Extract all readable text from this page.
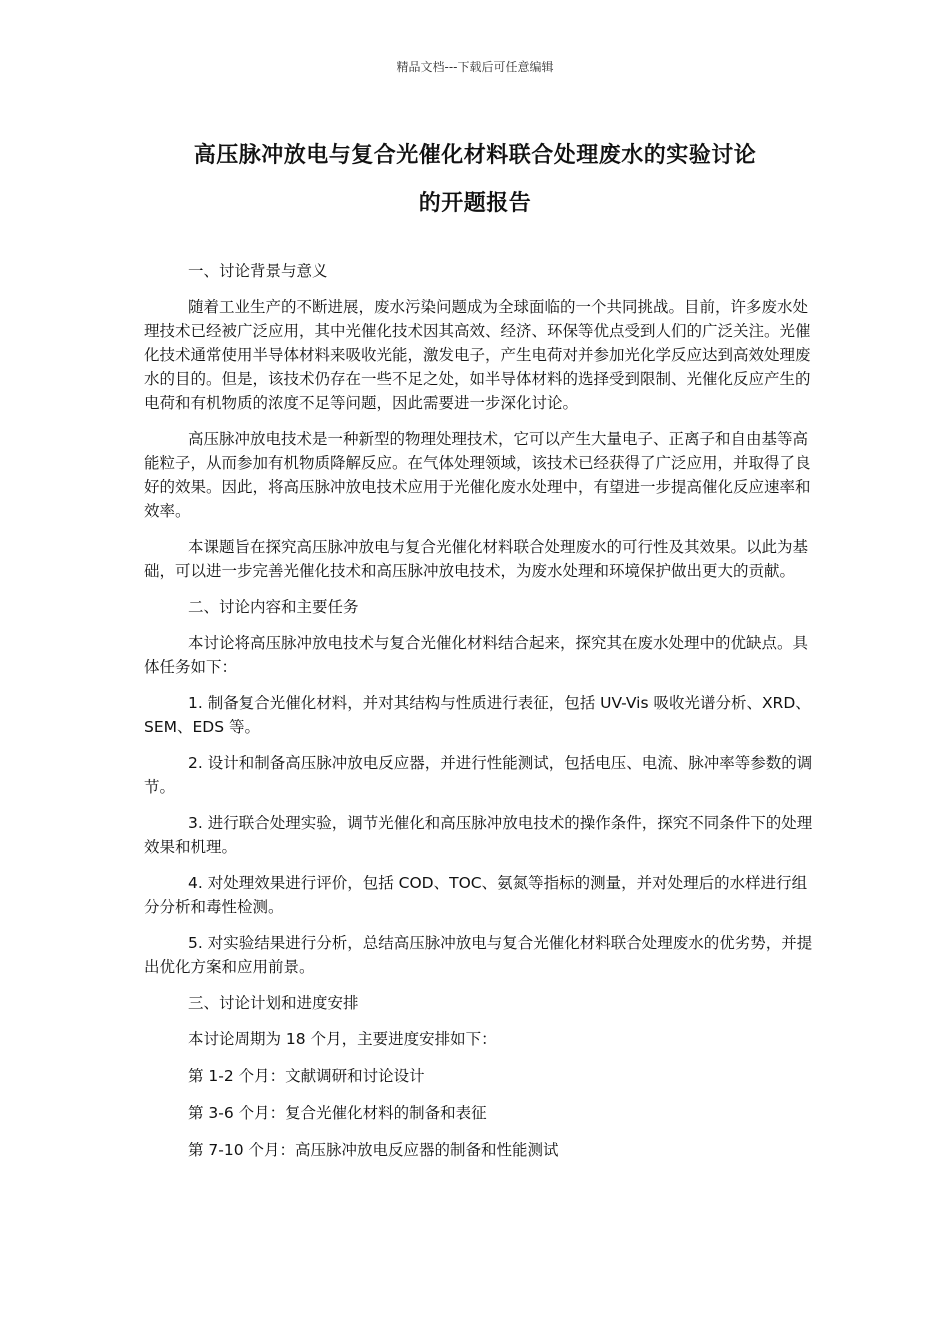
精品文档---下载后可任意编辑
高压脉冲放电与复合光催化材料联合处理废水的实验讨论
的开题报告

一、讨论背景与意义

随着工业生产的不断进展，废水污染问题成为全球面临的一个共同挑战。目前，许多废水处理技术已经被广泛应用，其中光催化技术因其高效、经济、环保等优点受到人们的广泛关注。光催化技术通常使用半导体材料来吸收光能，激发电子，产生电荷对并参加光化学反应达到高效处理废水的目的。但是，该技术仍存在一些不足之处，如半导体材料的选择受到限制、光催化反应产生的电荷和有机物质的浓度不足等问题，因此需要进一步深化讨论。

高压脉冲放电技术是一种新型的物理处理技术，它可以产生大量电子、正离子和自由基等高能粒子，从而参加有机物质降解反应。在气体处理领域，该技术已经获得了广泛应用，并取得了良好的效果。因此，将高压脉冲放电技术应用于光催化废水处理中，有望进一步提高催化反应速率和效率。

本课题旨在探究高压脉冲放电与复合光催化材料联合处理废水的可行性及其效果。以此为基础，可以进一步完善光催化技术和高压脉冲放电技术，为废水处理和环境保护做出更大的贡献。

二、讨论内容和主要任务

本讨论将高压脉冲放电技术与复合光催化材料结合起来，探究其在废水处理中的优缺点。具体任务如下：

1. 制备复合光催化材料，并对其结构与性质进行表征，包括 UV-Vis 吸收光谱分析、XRD、SEM、EDS 等。

2. 设计和制备高压脉冲放电反应器，并进行性能测试，包括电压、电流、脉冲率等参数的调节。

3. 进行联合处理实验，调节光催化和高压脉冲放电技术的操作条件，探究不同条件下的处理效果和机理。

4. 对处理效果进行评价，包括 COD、TOC、氨氮等指标的测量，并对处理后的水样进行组分分析和毒性检测。

5. 对实验结果进行分析，总结高压脉冲放电与复合光催化材料联合处理废水的优劣势，并提出优化方案和应用前景。

三、讨论计划和进度安排

本讨论周期为 18 个月，主要进度安排如下：

第 1-2 个月：文献调研和讨论设计

第 3-6 个月：复合光催化材料的制备和表征

第 7-10 个月：高压脉冲放电反应器的制备和性能测试
